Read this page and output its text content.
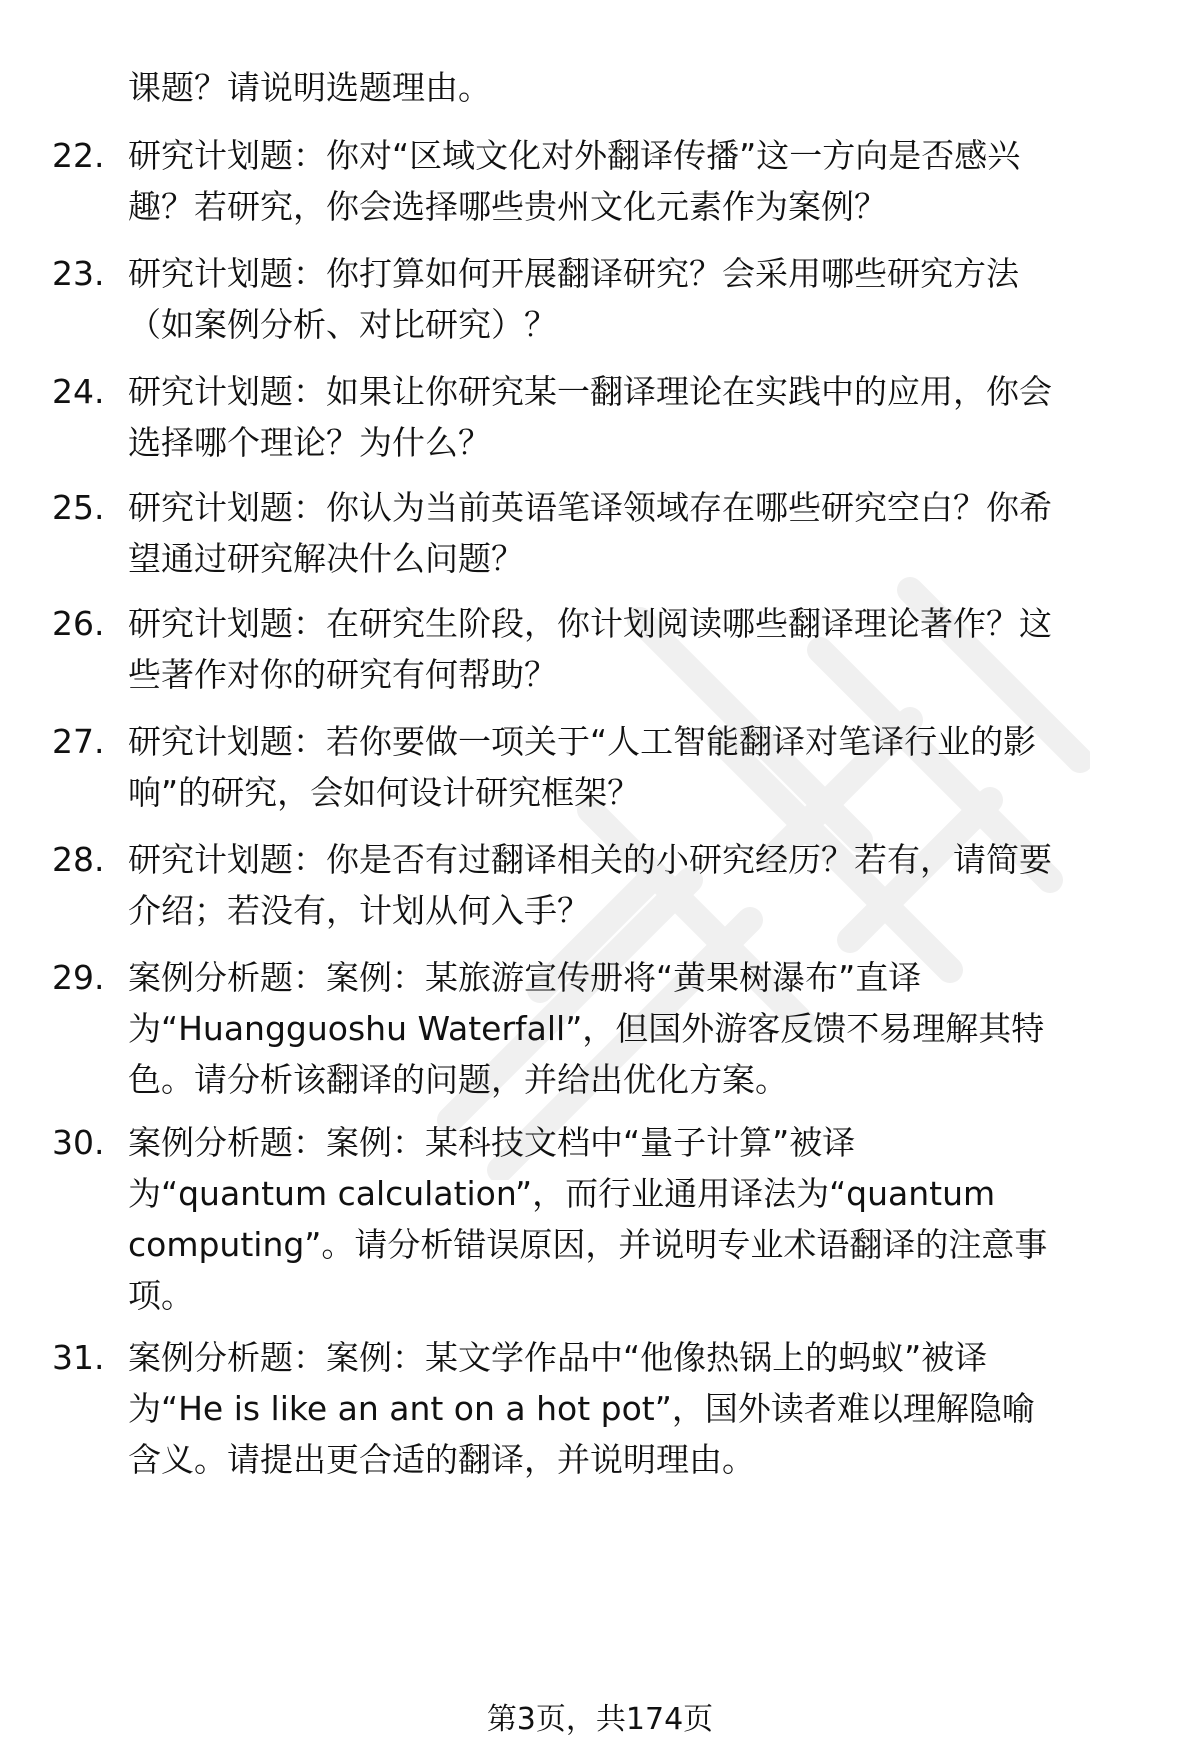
课题？请说明选题理由。
22. 研究计划题：你对“区域文化对外翻译传播”这一方向是否感兴
趣？若研究，你会选择哪些贵州文化元素作为案例？
23. 研究计划题：你打算如何开展翻译研究？会采用哪些研究方法
（如案例分析、对比研究）？
24. 研究计划题：如果让你研究某一翻译理论在实践中的应用，你会
选择哪个理论？为什么？
25. 研究计划题：你认为当前英语笔译领域存在哪些研究空白？你希
望通过研究解决什么问题？
26. 研究计划题：在研究生阶段，你计划阅读哪些翻译理论著作？这
些著作对你的研究有何帮助？
27. 研究计划题：若你要做一项关于“人工智能翻译对笔译行业的影
响”的研究，会如何设计研究框架？
28. 研究计划题：你是否有过翻译相关的小研究经历？若有，请简要
介绍；若没有，计划从何入手？
29. 案例分析题：案例：某旅游宣传册将“黄果树瀑布”直译
为“Huangguoshu Waterfall”，但国外游客反馈不易理解其特
色。请分析该翻译的问题，并给出优化方案。
30. 案例分析题：案例：某科技文档中“量子计算”被译
为“quantum calculation”，而行业通用译法为“quantum
computing”。请分析错误原因，并说明专业术语翻译的注意事
项。
31. 案例分析题：案例：某文学作品中“他像热锅上的蚂蚁”被译
为“He is like an ant on a hot pot”，国外读者难以理解隐喻
含义。请提出更合适的翻译，并说明理由。
第3页，共174页
